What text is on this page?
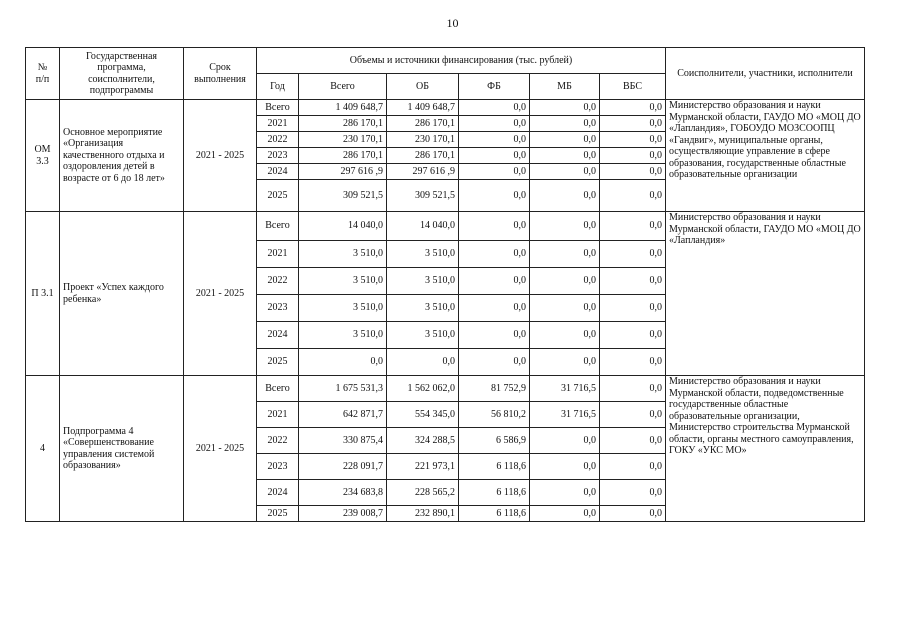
10
№
п/п	Государственная программа, соисполнители, подпрограммы	Срок выполнения	Объемы и источники финансирования (тыс. рублей)						Соисполнители, участники, исполнители
			Год	Всего	ОБ	ФБ	МБ	ВБС	
ОМ
3.3	Основное мероприятие «Организация качественного отдыха и оздоровления детей в возрасте от 6 до 18 лет»	2021 - 2025	Всего	1 409 648,7	1 409 648,7	0,0	0,0	0,0	Министерство образования и науки Мурманской области, ГАУДО МО «МОЦ ДО «Лапландия», ГОБОУДО МОЗСООПЦ «Гандвиг», муниципальные органы, осуществляющие управление в сфере образования, государственные областные образовательные организации
			2021	286 170,1	286 170,1	0,0	0,0	0,0	
			2022	230 170,1	230 170,1	0,0	0,0	0,0	
			2023	286 170,1	286 170,1	0,0	0,0	0,0	
			2024	297 616 ,9	297 616 ,9	0,0	0,0	0,0	
			2025	309 521,5	309 521,5	0,0	0,0	0,0	
П 3.1	Проект «Успех каждого ребенка»	2021 - 2025	Всего	14 040,0	14 040,0	0,0	0,0	0,0	Министерство образования и науки Мурманской области, ГАУДО МО «МОЦ ДО «Лапландия»
			2021	3 510,0	3 510,0	0,0	0,0	0,0	
			2022	3 510,0	3 510,0	0,0	0,0	0,0	
			2023	3 510,0	3 510,0	0,0	0,0	0,0	
			2024	3 510,0	3 510,0	0,0	0,0	0,0	
			2025	0,0	0,0	0,0	0,0	0,0	
4	Подпрограмма 4 «Совершенствование управления системой образования»	2021 - 2025	Всего	1 675 531,3	1 562 062,0	81 752,9	31 716,5	0,0	Министерство образования и науки Мурманской области, подведомственные государственные областные образовательные организации, Министерство строительства Мурманской области, органы местного самоуправления, ГОКУ «УКС МО»
			2021	642 871,7	554 345,0	56 810,2	31 716,5	0,0	
			2022	330 875,4	324 288,5	6 586,9	0,0	0,0	
			2023	228 091,7	221 973,1	6 118,6	0,0	0,0	
			2024	234 683,8	228 565,2	6 118,6	0,0	0,0	
			2025	239 008,7	232 890,1	6 118,6	0,0	0,0	
